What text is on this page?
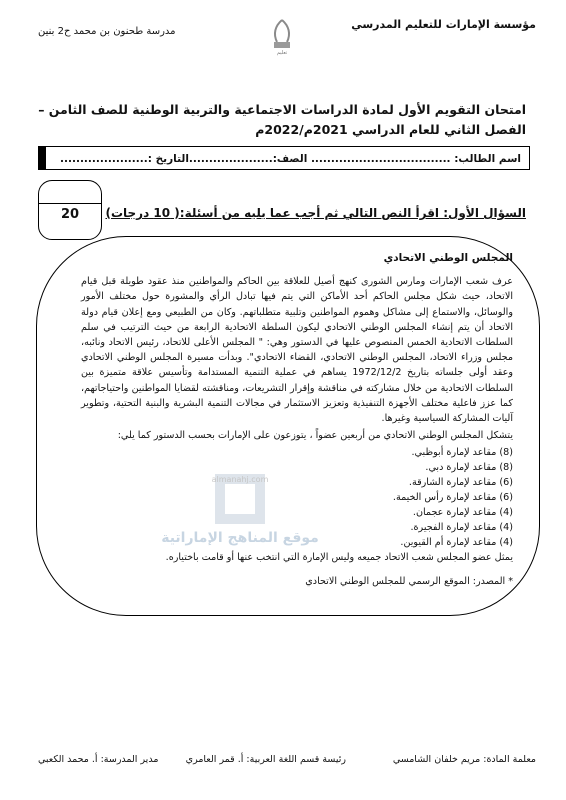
مؤسسة الإمارات للتعليم المدرسي
مدرسة طحنون بن محمد ح2 بنين
تعليم
امتحان التقويم الأول لمادة الدراسات الاجتماعية والتربية الوطنية للصف الثامن – الفصل الثاني للعام الدراسي 2021م/2022م
اسم الطالب: ................................... الصف:.....................التاريخ :......................
20	السؤال الأول: اقرأ النص التالي ثم أجب عما يليه من أسئلة:( 10 درجات)
المجلس الوطني الاتحادي

عرف شعب الإمارات ومارس الشورى كنهج أصيل للعلاقة بين الحاكم والمواطنين منذ عقود طويلة قبل قيام الاتحاد، حيث شكل مجلس الحاكم أحد الأماكن التي يتم فيها تبادل الرأي والمشورة حول مختلف الأمور والوسائل، والاستماع إلى مشاكل وهموم المواطنين وتلبية متطلباتهم. وكان من الطبيعي ومع إعلان قيام دولة الاتحاد أن يتم إنشاء المجلس الوطني الاتحادي ليكون السلطة الاتحادية الرابعة من حيث الترتيب في سلم السلطات الاتحادية الخمس المنصوص عليها في الدستور وهي: " المجلس الأعلى للاتحاد، رئيس الاتحاد ونائبه، مجلس وزراء الاتحاد، المجلس الوطني الاتحادي، القضاء الاتحادي". وبدأت مسيرة المجلس الوطني الاتحادي وعقد أولى جلساته بتاريخ 1972/12/2 يساهم في عملية التنمية المستدامة وتأسيس علاقة متميزة بين السلطات الاتحادية من خلال مشاركته في مناقشة وإقرار التشريعات، ومناقشته لقضايا المواطنين واحتياجاتهم، كما عزز فاعلية مختلف الأجهزة التنفيذية وتعزيز الاستثمار في مجالات التنمية البشرية والبنية التحتية، وتطوير آليات المشاركة السياسية وغيرها.

يتشكل المجلس الوطني الاتحادي من أربعين عضواً ، يتوزعون على الإمارات بحسب الدستور كما يلي:

(8) مقاعد لإمارة أبوظبي.
(8) مقاعد لإمارة دبي.
(6) مقاعد لإمارة الشارقة.
(6) مقاعد لإمارة رأس الخيمة.
(4) مقاعد لإمارة عجمان.
(4) مقاعد لإمارة الفجيرة.
(4) مقاعد لإمارة أم القيوين.

يمثل عضو المجلس شعب الاتحاد جميعه وليس الإمارة التي انتخب عنها أو قامت باختياره.

* المصدر: الموقع الرسمي للمجلس الوطني الاتحادي
almanahj.com
موقع المناهج الإماراتية
معلمة المادة: مريم خلفان الشامسي
رئيسة قسم اللغة العربية: أ. قمر العامري
مدير المدرسة: أ. محمد الكعبي
